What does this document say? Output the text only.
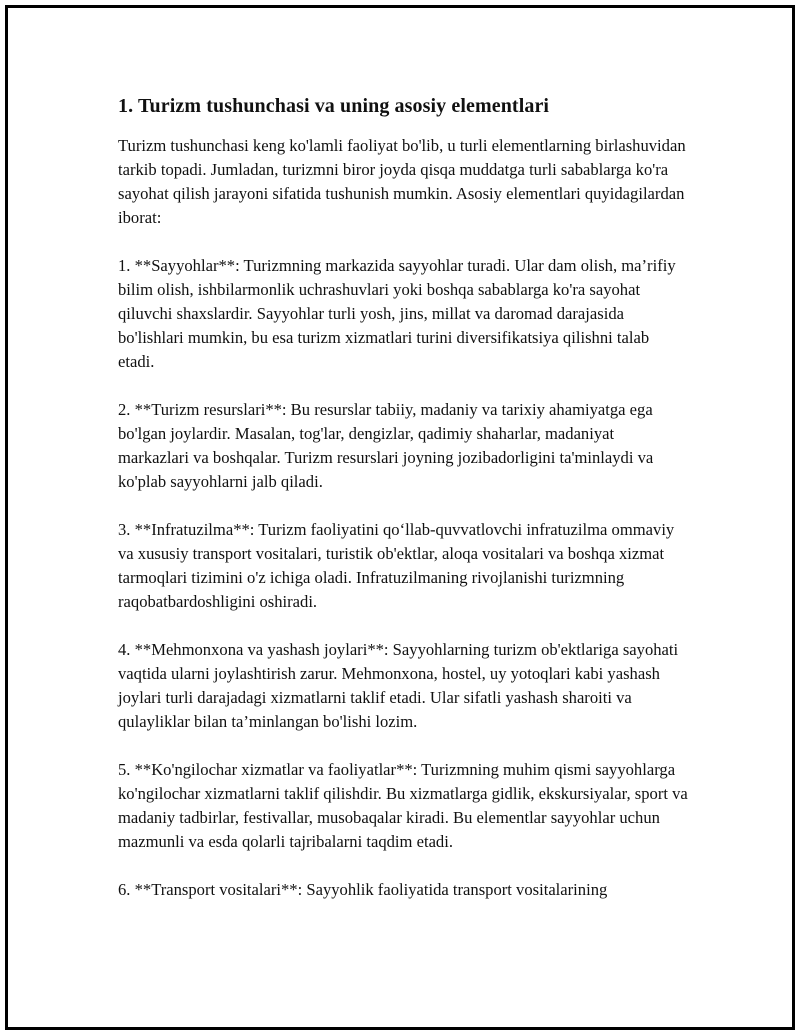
1. Turizm tushunchasi va uning asosiy elementlari

Turizm tushunchasi keng ko'lamli faoliyat bo'lib, u turli elementlarning birlashuvidan tarkib topadi. Jumladan, turizmni biror joyda qisqa muddatga turli sabablarga ko'ra sayohat qilish jarayoni sifatida tushunish mumkin. Asosiy elementlari quyidagilardan iborat:

1. **Sayyohlar**: Turizmning markazida sayyohlar turadi. Ular dam olish, ma’rifiy bilim olish, ishbilarmonlik uchrashuvlari yoki boshqa sabablarga ko'ra sayohat qiluvchi shaxslardir. Sayyohlar turli yosh, jins, millat va daromad darajasida bo'lishlari mumkin, bu esa turizm xizmatlari turini diversifikatsiya qilishni talab etadi.

2. **Turizm resurslari**: Bu resurslar tabiiy, madaniy va tarixiy ahamiyatga ega bo'lgan joylardir. Masalan, tog'lar, dengizlar, qadimiy shaharlar, madaniyat markazlari va boshqalar. Turizm resurslari joyning jozibadorligini ta'minlaydi va ko'plab sayyohlarni jalb qiladi.

3. **Infratuzilma**: Turizm faoliyatini qo‘llab-quvvatlovchi infratuzilma ommaviy va xususiy transport vositalari, turistik ob'ektlar, aloqa vositalari va boshqa xizmat tarmoqlari tizimini o'z ichiga oladi. Infratuzilmaning rivojlanishi turizmning raqobatbardoshligini oshiradi.

4. **Mehmonxona va yashash joylari**: Sayyohlarning turizm ob'ektlariga sayohati vaqtida ularni joylashtirish zarur. Mehmonxona, hostel, uy yotoqlari kabi yashash joylari turli darajadagi xizmatlarni taklif etadi. Ular sifatli yashash sharoiti va qulayliklar bilan ta’minlangan bo'lishi lozim.

5. **Ko'ngilochar xizmatlar va faoliyatlar**: Turizmning muhim qismi sayyohlarga ko'ngilochar xizmatlarni taklif qilishdir. Bu xizmatlarga gidlik, ekskursiyalar, sport va madaniy tadbirlar, festivallar, musobaqalar kiradi. Bu elementlar sayyohlar uchun mazmunli va esda qolarli tajribalarni taqdim etadi.

6. **Transport vositalari**: Sayyohlik faoliyatida transport vositalarining
